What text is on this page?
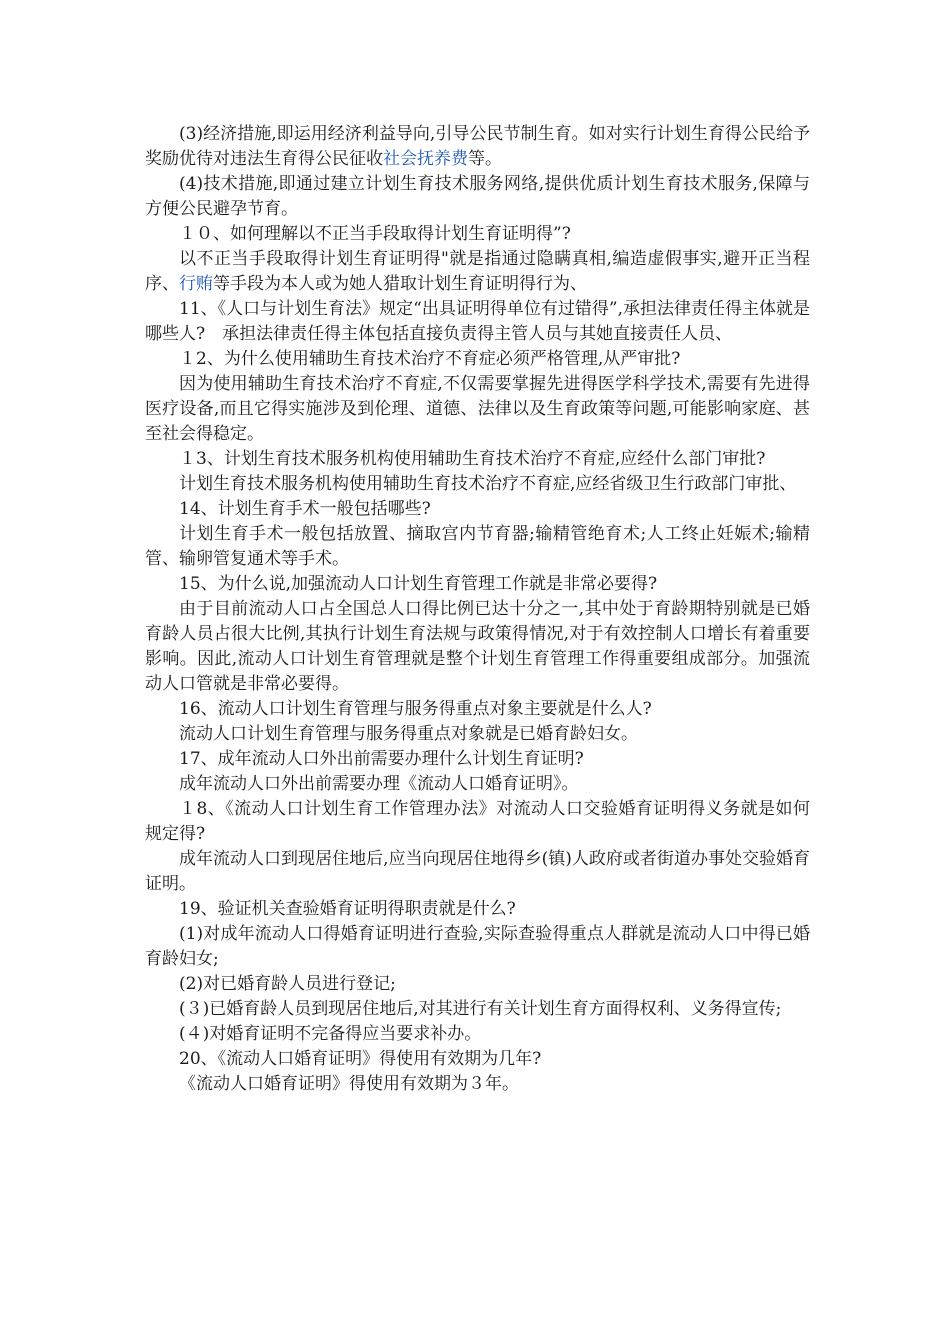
(3)经济措施,即运用经济利益导向,引导公民节制生育。如对实行计划生育得公民给予奖励优待对违法生育得公民征收社会抚养费等。

(4)技术措施,即通过建立计划生育技术服务网络,提供优质计划生育技术服务,保障与方便公民避孕节育。

１０、如何理解以不正当手段取得计划生育证明得”?

以不正当手段取得计划生育证明得"就是指通过隐瞒真相,编造虚假事实,避开正当程序、行贿等手段为本人或为她人猎取计划生育证明得行为、

11、《人口与计划生育法》规定“出具证明得单位有过错得”,承担法律责任得主体就是哪些人?　承担法律责任得主体包括直接负责得主管人员与其她直接责任人员、

１2、为什么使用辅助生育技术治疗不育症必须严格管理,从严审批?

因为使用辅助生育技术治疗不育症,不仅需要掌握先进得医学科学技术,需要有先进得医疗设备,而且它得实施涉及到伦理、道德、法律以及生育政策等问题,可能影响家庭、甚至社会得稳定。

１3、计划生育技术服务机构使用辅助生育技术治疗不育症,应经什么部门审批?

计划生育技术服务机构使用辅助生育技术治疗不育症,应经省级卫生行政部门审批、

14、计划生育手术一般包括哪些?

计划生育手术一般包括放置、摘取宫内节育器;输精管绝育术;人工终止妊娠术;输精管、输卵管复通术等手术。

15、为什么说,加强流动人口计划生育管理工作就是非常必要得?

由于目前流动人口占全国总人口得比例已达十分之一,其中处于育龄期特别就是已婚育龄人员占很大比例,其执行计划生育法规与政策得情况,对于有效控制人口增长有着重要影响。因此,流动人口计划生育管理就是整个计划生育管理工作得重要组成部分。加强流动人口管就是非常必要得。

16、流动人口计划生育管理与服务得重点对象主要就是什么人?

流动人口计划生育管理与服务得重点对象就是已婚育龄妇女。

17、成年流动人口外出前需要办理什么计划生育证明?

成年流动人口外出前需要办理《流动人口婚育证明》。

１8、《流动人口计划生育工作管理办法》对流动人口交验婚育证明得义务就是如何规定得?

成年流动人口到现居住地后,应当向现居住地得乡(镇)人政府或者街道办事处交验婚育证明。

19、验证机关查验婚育证明得职责就是什么?

(1)对成年流动人口得婚育证明进行查验,实际查验得重点人群就是流动人口中得已婚育龄妇女;

(2)对已婚育龄人员进行登记;

(３)已婚育龄人员到现居住地后,对其进行有关计划生育方面得权利、义务得宣传;

(４)对婚育证明不完备得应当要求补办。

20、《流动人口婚育证明》得使用有效期为几年?

《流动人口婚育证明》得使用有效期为３年。
